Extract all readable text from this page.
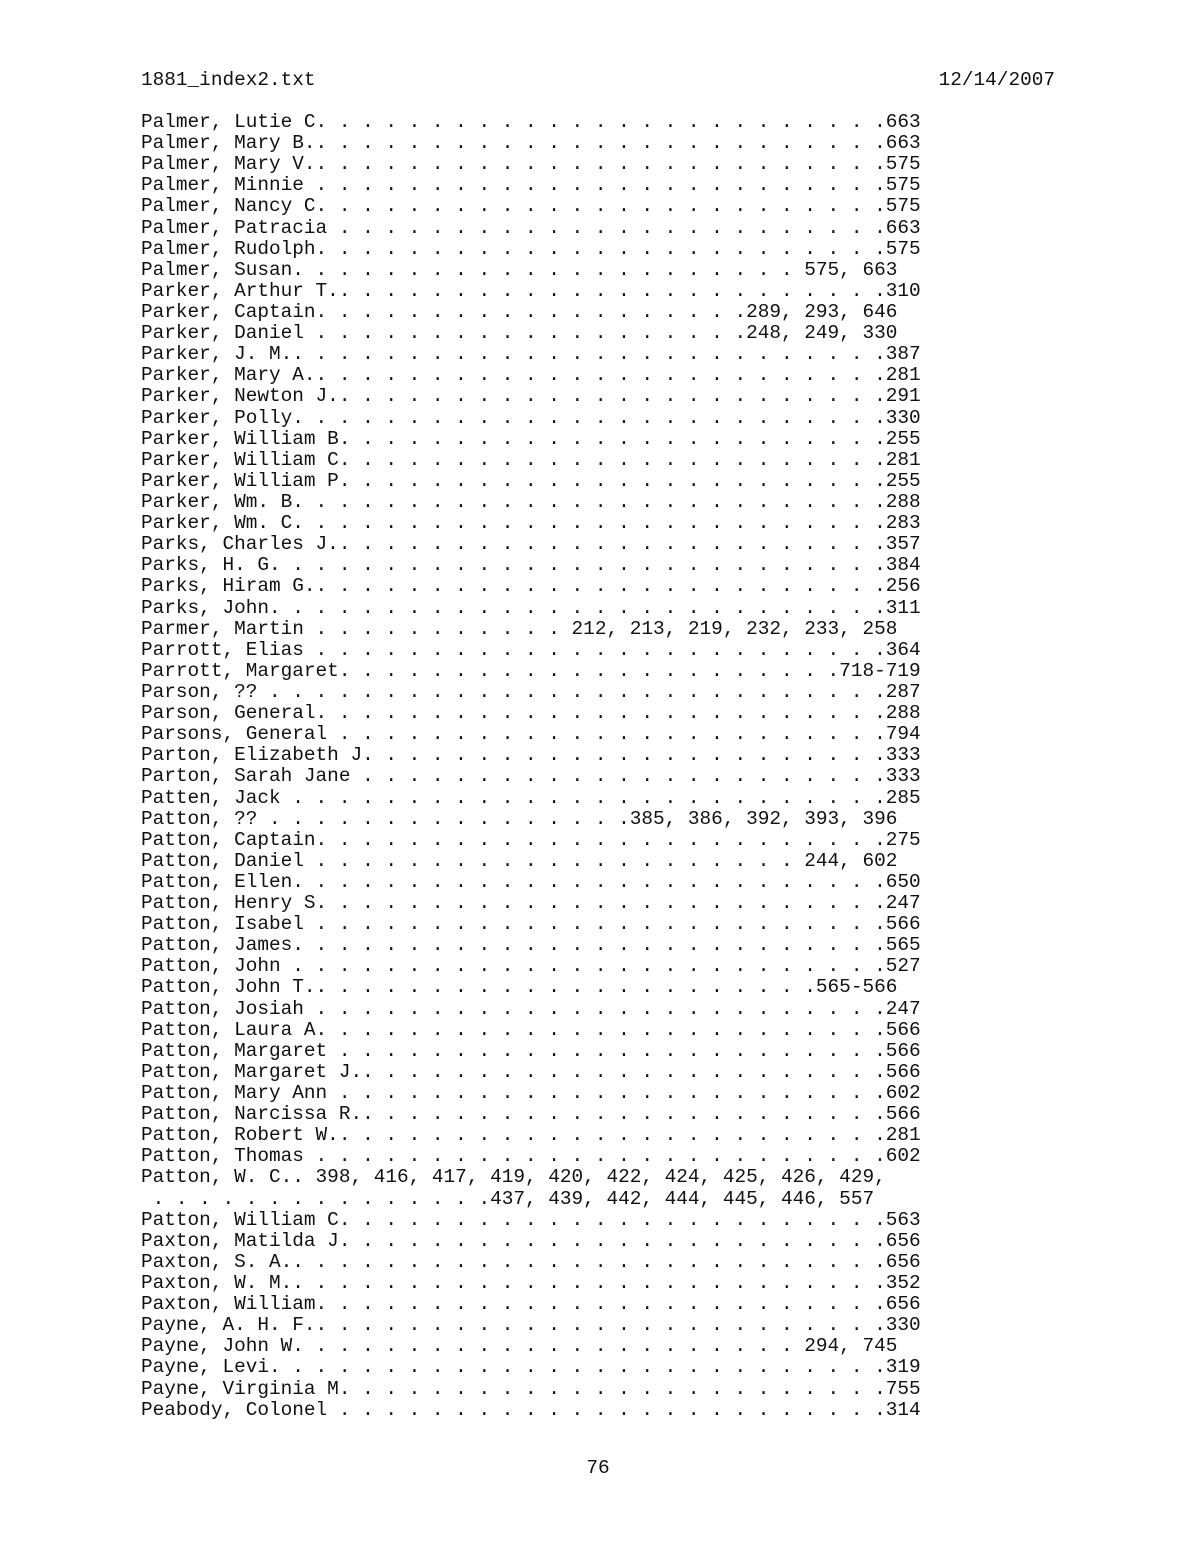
1881_index2.txt	12/14/2007
Palmer, Lutie C. . . . . . . . . . . . . . . . . . . . . . . . .663
Palmer, Mary B.. . . . . . . . . . . . . . . . . . . . . . . . .663
Palmer, Mary V.. . . . . . . . . . . . . . . . . . . . . . . . .575
Palmer, Minnie . . . . . . . . . . . . . . . . . . . . . . . . .575
Palmer, Nancy C. . . . . . . . . . . . . . . . . . . . . . . . .575
Palmer, Patracia . . . . . . . . . . . . . . . . . . . . . . . .663
Palmer, Rudolph. . . . . . . . . . . . . . . . . . . . . . . . .575
Palmer, Susan. . . . . . . . . . . . . . . . . . . . . . 575, 663
Parker, Arthur T.. . . . . . . . . . . . . . . . . . . . . . . .310
Parker, Captain. . . . . . . . . . . . . . . . . . .289, 293, 646
Parker, Daniel . . . . . . . . . . . . . . . . . . .248, 249, 330
Parker, J. M.. . . . . . . . . . . . . . . . . . . . . . . . . .387
Parker, Mary A.. . . . . . . . . . . . . . . . . . . . . . . . .281
Parker, Newton J.. . . . . . . . . . . . . . . . . . . . . . . .291
Parker, Polly. . . . . . . . . . . . . . . . . . . . . . . . . .330
Parker, William B. . . . . . . . . . . . . . . . . . . . . . . .255
Parker, William C. . . . . . . . . . . . . . . . . . . . . . . .281
Parker, William P. . . . . . . . . . . . . . . . . . . . . . . .255
Parker, Wm. B. . . . . . . . . . . . . . . . . . . . . . . . . .288
Parker, Wm. C. . . . . . . . . . . . . . . . . . . . . . . . . .283
Parks, Charles J.. . . . . . . . . . . . . . . . . . . . . . . .357
Parks, H. G. . . . . . . . . . . . . . . . . . . . . . . . . . .384
Parks, Hiram G.. . . . . . . . . . . . . . . . . . . . . . . . .256
Parks, John. . . . . . . . . . . . . . . . . . . . . . . . . . .311
Parmer, Martin . . . . . . . . . . . 212, 213, 219, 232, 233, 258
Parrott, Elias . . . . . . . . . . . . . . . . . . . . . . . . .364
Parrott, Margaret. . . . . . . . . . . . . . . . . . . . . .718-719
Parson, ?? . . . . . . . . . . . . . . . . . . . . . . . . . . .287
Parson, General. . . . . . . . . . . . . . . . . . . . . . . . .288
Parsons, General . . . . . . . . . . . . . . . . . . . . . . . .794
Parton, Elizabeth J. . . . . . . . . . . . . . . . . . . . . . .333
Parton, Sarah Jane . . . . . . . . . . . . . . . . . . . . . . .333
Patten, Jack . . . . . . . . . . . . . . . . . . . . . . . . . .285
Patton, ?? . . . . . . . . . . . . . . . .385, 386, 392, 393, 396
Patton, Captain. . . . . . . . . . . . . . . . . . . . . . . . .275
Patton, Daniel . . . . . . . . . . . . . . . . . . . . . 244, 602
Patton, Ellen. . . . . . . . . . . . . . . . . . . . . . . . . .650
Patton, Henry S. . . . . . . . . . . . . . . . . . . . . . . . .247
Patton, Isabel . . . . . . . . . . . . . . . . . . . . . . . . .566
Patton, James. . . . . . . . . . . . . . . . . . . . . . . . . .565
Patton, John . . . . . . . . . . . . . . . . . . . . . . . . . .527
Patton, John T.. . . . . . . . . . . . . . . . . . . . . .565-566
Patton, Josiah . . . . . . . . . . . . . . . . . . . . . . . . .247
Patton, Laura A. . . . . . . . . . . . . . . . . . . . . . . . .566
Patton, Margaret . . . . . . . . . . . . . . . . . . . . . . . .566
Patton, Margaret J.. . . . . . . . . . . . . . . . . . . . . . .566
Patton, Mary Ann . . . . . . . . . . . . . . . . . . . . . . . .602
Patton, Narcissa R.. . . . . . . . . . . . . . . . . . . . . . .566
Patton, Robert W.. . . . . . . . . . . . . . . . . . . . . . . .281
Patton, Thomas . . . . . . . . . . . . . . . . . . . . . . . . .602
Patton, W. C.. 398, 416, 417, 419, 420, 422, 424, 425, 426, 429,
. . . . . . . . . . . . . . .437, 439, 442, 444, 445, 446, 557
Patton, William C. . . . . . . . . . . . . . . . . . . . . . . .563
Paxton, Matilda J. . . . . . . . . . . . . . . . . . . . . . . .656
Paxton, S. A.. . . . . . . . . . . . . . . . . . . . . . . . . .656
Paxton, W. M.. . . . . . . . . . . . . . . . . . . . . . . . . .352
Paxton, William. . . . . . . . . . . . . . . . . . . . . . . . .656
Payne, A. H. F.. . . . . . . . . . . . . . . . . . . . . . . . .330
Payne, John W. . . . . . . . . . . . . . . . . . . . . . 294, 745
Payne, Levi. . . . . . . . . . . . . . . . . . . . . . . . . . .319
Payne, Virginia M. . . . . . . . . . . . . . . . . . . . . . . .755
Peabody, Colonel . . . . . . . . . . . . . . . . . . . . . . . .314
76
